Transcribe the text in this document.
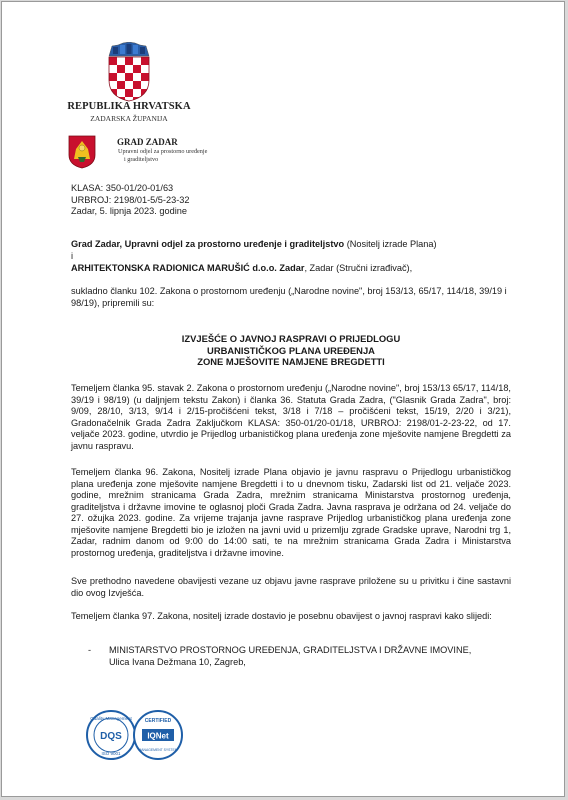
REPUBLIKA HRVATSKA
ZADARSKA ŽUPANIJA
GRAD ZADAR
Upravni odjel za prostorno uređenje
i graditeljstvo
KLASA: 350-01/20-01/63
URBROJ: 2198/01-5/5-23-32
Zadar, 5. lipnja 2023. godine
Grad Zadar, Upravni odjel za prostorno uređenje i graditeljstvo (Nositelj izrade Plana)
i
ARHITEKTONSKA RADIONICA MARUŠIĆ d.o.o. Zadar, Zadar (Stručni izrađivač),
sukladno članku 102. Zakona o prostornom uređenju („Narodne novine", broj 153/13, 65/17, 114/18, 39/19 i 98/19), pripremili su:
IZVJEŠĆE O JAVNOJ RASPRAVI O PRIJEDLOGU
URBANISTIČKOG PLANA UREĐENJA
ZONE MJEŠOVITE NAMJENE BREGDETTI
Temeljem članka 95. stavak 2. Zakona o prostornom uređenju („Narodne novine", broj 153/13 65/17, 114/18, 39/19 i 98/19) (u daljnjem tekstu Zakon) i članka 36. Statuta Grada Zadra, ("Glasnik Grada Zadra", broj: 9/09, 28/10, 3/13, 9/14 i 2/15-pročišćeni tekst, 3/18 i 7/18 – pročišćeni tekst, 15/19, 2/20 i 3/21), Gradonačelnik Grada Zadra Zaključkom KLASA: 350-01/20-01/18, URBROJ: 2198/01-2-23-22, od 17. veljače 2023. godine, utvrdio je Prijedlog urbanističkog plana uređenja zone mješovite namjene Bregdetti za javnu raspravu.
Temeljem članka 96. Zakona, Nositelj izrade Plana objavio je javnu raspravu o Prijedlogu urbanističkog plana uređenja zone mješovite namjene Bregdetti i to u dnevnom tisku, Zadarski list od 21. veljače 2023. godine, mrežnim stranicama Grada Zadra, mrežnim stranicama Ministarstva prostornog uređenja, graditeljstva i državne imovine te oglasnoj ploči Grada Zadra. Javna rasprava je održana od 24. veljače do 27. ožujka 2023. godine. Za vrijeme trajanja javne rasprave Prijedlog urbanističkog plana uređenja zone mješovite namjene Bregdetti bio je izložen na javni uvid u prizemlju zgrade Gradske uprave, Narodni trg 1, Zadar, radnim danom od 9:00 do 14:00 sati, te na mrežnim stranicama Grada Zadra i Ministarstva prostornog uređenja, graditeljstva i državne imovine.
Sve prethodno navedene obavijesti vezane uz objavu javne rasprave priložene su u privitku i čine sastavni dio ovog Izvješća.
Temeljem članka 97. Zakona, nositelj izrade dostavio je posebnu obavijest o javnoj raspravi kako slijedi:
- MINISTARSTVO PROSTORNOG UREĐENJA, GRADITELJSTVA I DRŽAVNE IMOVINE,
Ulica Ivana Dežmana 10, Zagreb,
Quality Management
DQS
ISO 9001
CERTIFIED
IQNet
MANAGEMENT SYSTEM
